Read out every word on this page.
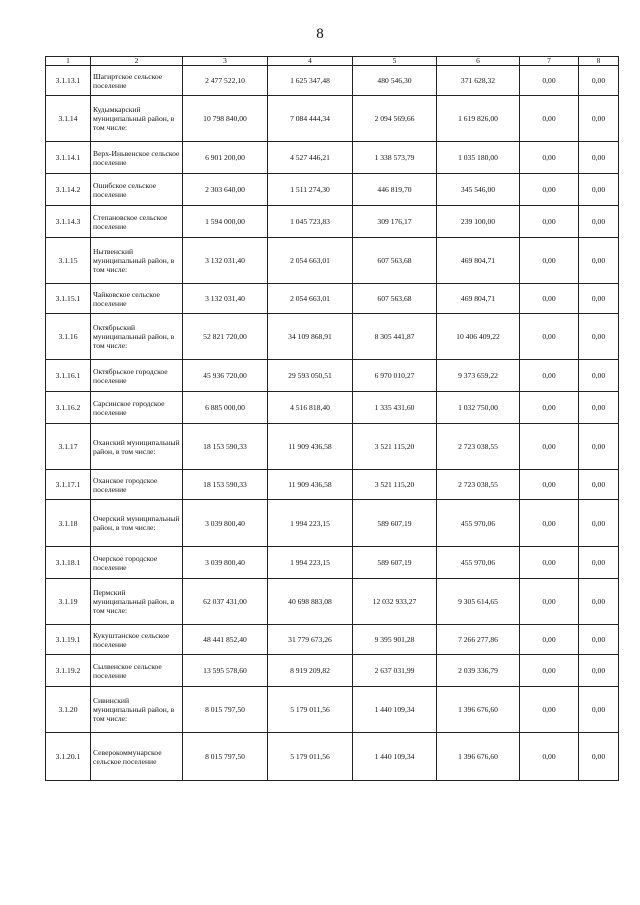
8
1	2	3	4	5	6	7	8
3.1.13.1	Шагиртское сельское поселение	2 477 522,10	1 625 347,48	480 546,30	371 628,32	0,00	0,00
3.1.14	Кудымкарский муниципальный район, в том числе:	10 798 840,00	7 084 444,34	2 094 569,66	1 619 826,00	0,00	0,00
3.1.14.1	Верх-Иньвенское сельское поселение	6 901 200,00	4 527 446,21	1 338 573,79	1 035 180,00	0,00	0,00
3.1.14.2	Ошибское сельское поселение	2 303 640,00	1 511 274,30	446 819,70	345 546,00	0,00	0,00
3.1.14.3	Степановское сельское поселение	1 594 000,00	1 045 723,83	309 176,17	239 100,00	0,00	0,00
3.1.15	Нытвенский муниципальный район, в том числе:	3 132 031,40	2 054 663,01	607 563,68	469 804,71	0,00	0,00
3.1.15.1	Чайковское сельское поселение	3 132 031,40	2 054 663,01	607 563,68	469 804,71	0,00	0,00
3.1.16	Октябрьский муниципальный район, в том числе:	52 821 720,00	34 109 868,91	8 305 441,87	10 406 409,22	0,00	0,00
3.1.16.1	Октябрьское городское поселение	45 936 720,00	29 593 050,51	6 970 010,27	9 373 659,22	0,00	0,00
3.1.16.2	Сарсинское городское поселение	6 885 000,00	4 516 818,40	1 335 431,60	1 032 750,00	0,00	0,00
3.1.17	Оханский муниципальный район, в том числе:	18 153 590,33	11 909 436,58	3 521 115,20	2 723 038,55	0,00	0,00
3.1.17.1	Оханское городское поселение	18 153 590,33	11 909 436,58	3 521 115,20	2 723 038,55	0,00	0,00
3.1.18	Очерский муниципальный район, в том числе:	3 039 800,40	1 994 223,15	589 607,19	455 970,06	0,00	0,00
3.1.18.1	Очерское городское поселение	3 039 800,40	1 994 223,15	589 607,19	455 970,06	0,00	0,00
3.1.19	Пермский муниципальный район, в том числе:	62 037 431,00	40 698 883,08	12 032 933,27	9 305 614,65	0,00	0,00
3.1.19.1	Кукуштанское сельское поселение	48 441 852,40	31 779 673,26	9 395 901,28	7 266 277,86	0,00	0,00
3.1.19.2	Сылвенское сельское поселение	13 595 578,60	8 919 209,82	2 637 031,99	2 039 336,79	0,00	0,00
3.1.20	Сивинский муниципальный район, в том числе:	8 015 797,50	5 179 011,56	1 440 109,34	1 396 676,60	0,00	0,00
3.1.20.1	Северокоммунарское сельское поселение	8 015 797,50	5 179 011,56	1 440 109,34	1 396 676,60	0,00	0,00
